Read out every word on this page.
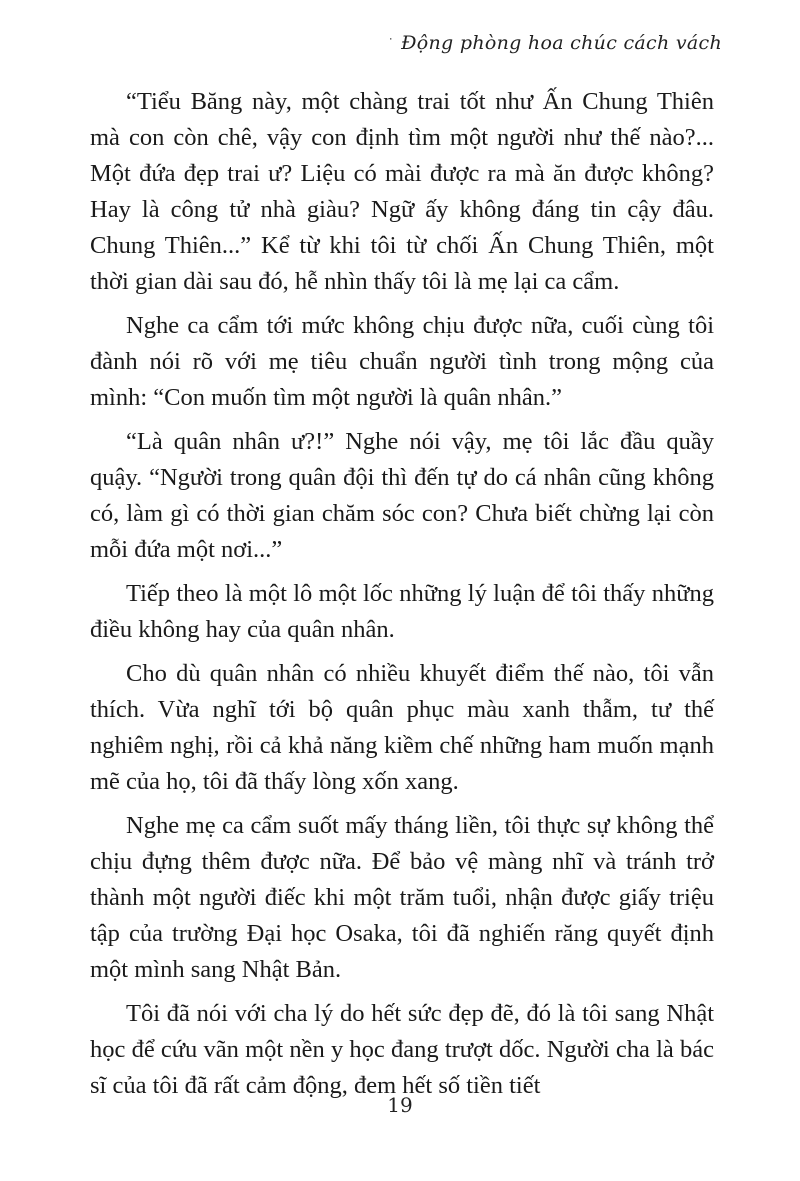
⸱ Động phòng hoa chúc cách vách

“Tiểu Băng này, một chàng trai tốt như Ấn Chung Thiên mà con còn chê, vậy con định tìm một người như thế nào?... Một đứa đẹp trai ư? Liệu có mài được ra mà ăn được không? Hay là công tử nhà giàu? Ngữ ấy không đáng tin cậy đâu. Chung Thiên...” Kể từ khi tôi từ chối Ấn Chung Thiên, một thời gian dài sau đó, hễ nhìn thấy tôi là mẹ lại ca cẩm.

Nghe ca cẩm tới mức không chịu được nữa, cuối cùng tôi đành nói rõ với mẹ tiêu chuẩn người tình trong mộng của mình: “Con muốn tìm một người là quân nhân.”

“Là quân nhân ư?!” Nghe nói vậy, mẹ tôi lắc đầu quầy quậy. “Người trong quân đội thì đến tự do cá nhân cũng không có, làm gì có thời gian chăm sóc con? Chưa biết chừng lại còn mỗi đứa một nơi...”

Tiếp theo là một lô một lốc những lý luận để tôi thấy những điều không hay của quân nhân.

Cho dù quân nhân có nhiều khuyết điểm thế nào, tôi vẫn thích. Vừa nghĩ tới bộ quân phục màu xanh thẫm, tư thế nghiêm nghị, rồi cả khả năng kiềm chế những ham muốn mạnh mẽ của họ, tôi đã thấy lòng xốn xang.

Nghe mẹ ca cẩm suốt mấy tháng liền, tôi thực sự không thể chịu đựng thêm được nữa. Để bảo vệ màng nhĩ và tránh trở thành một người điếc khi một trăm tuổi, nhận được giấy triệu tập của trường Đại học Osaka, tôi đã nghiến răng quyết định một mình sang Nhật Bản.

Tôi đã nói với cha lý do hết sức đẹp đẽ, đó là tôi sang Nhật học để cứu vãn một nền y học đang trượt dốc. Người cha là bác sĩ của tôi đã rất cảm động, đem hết số tiền tiết

19
